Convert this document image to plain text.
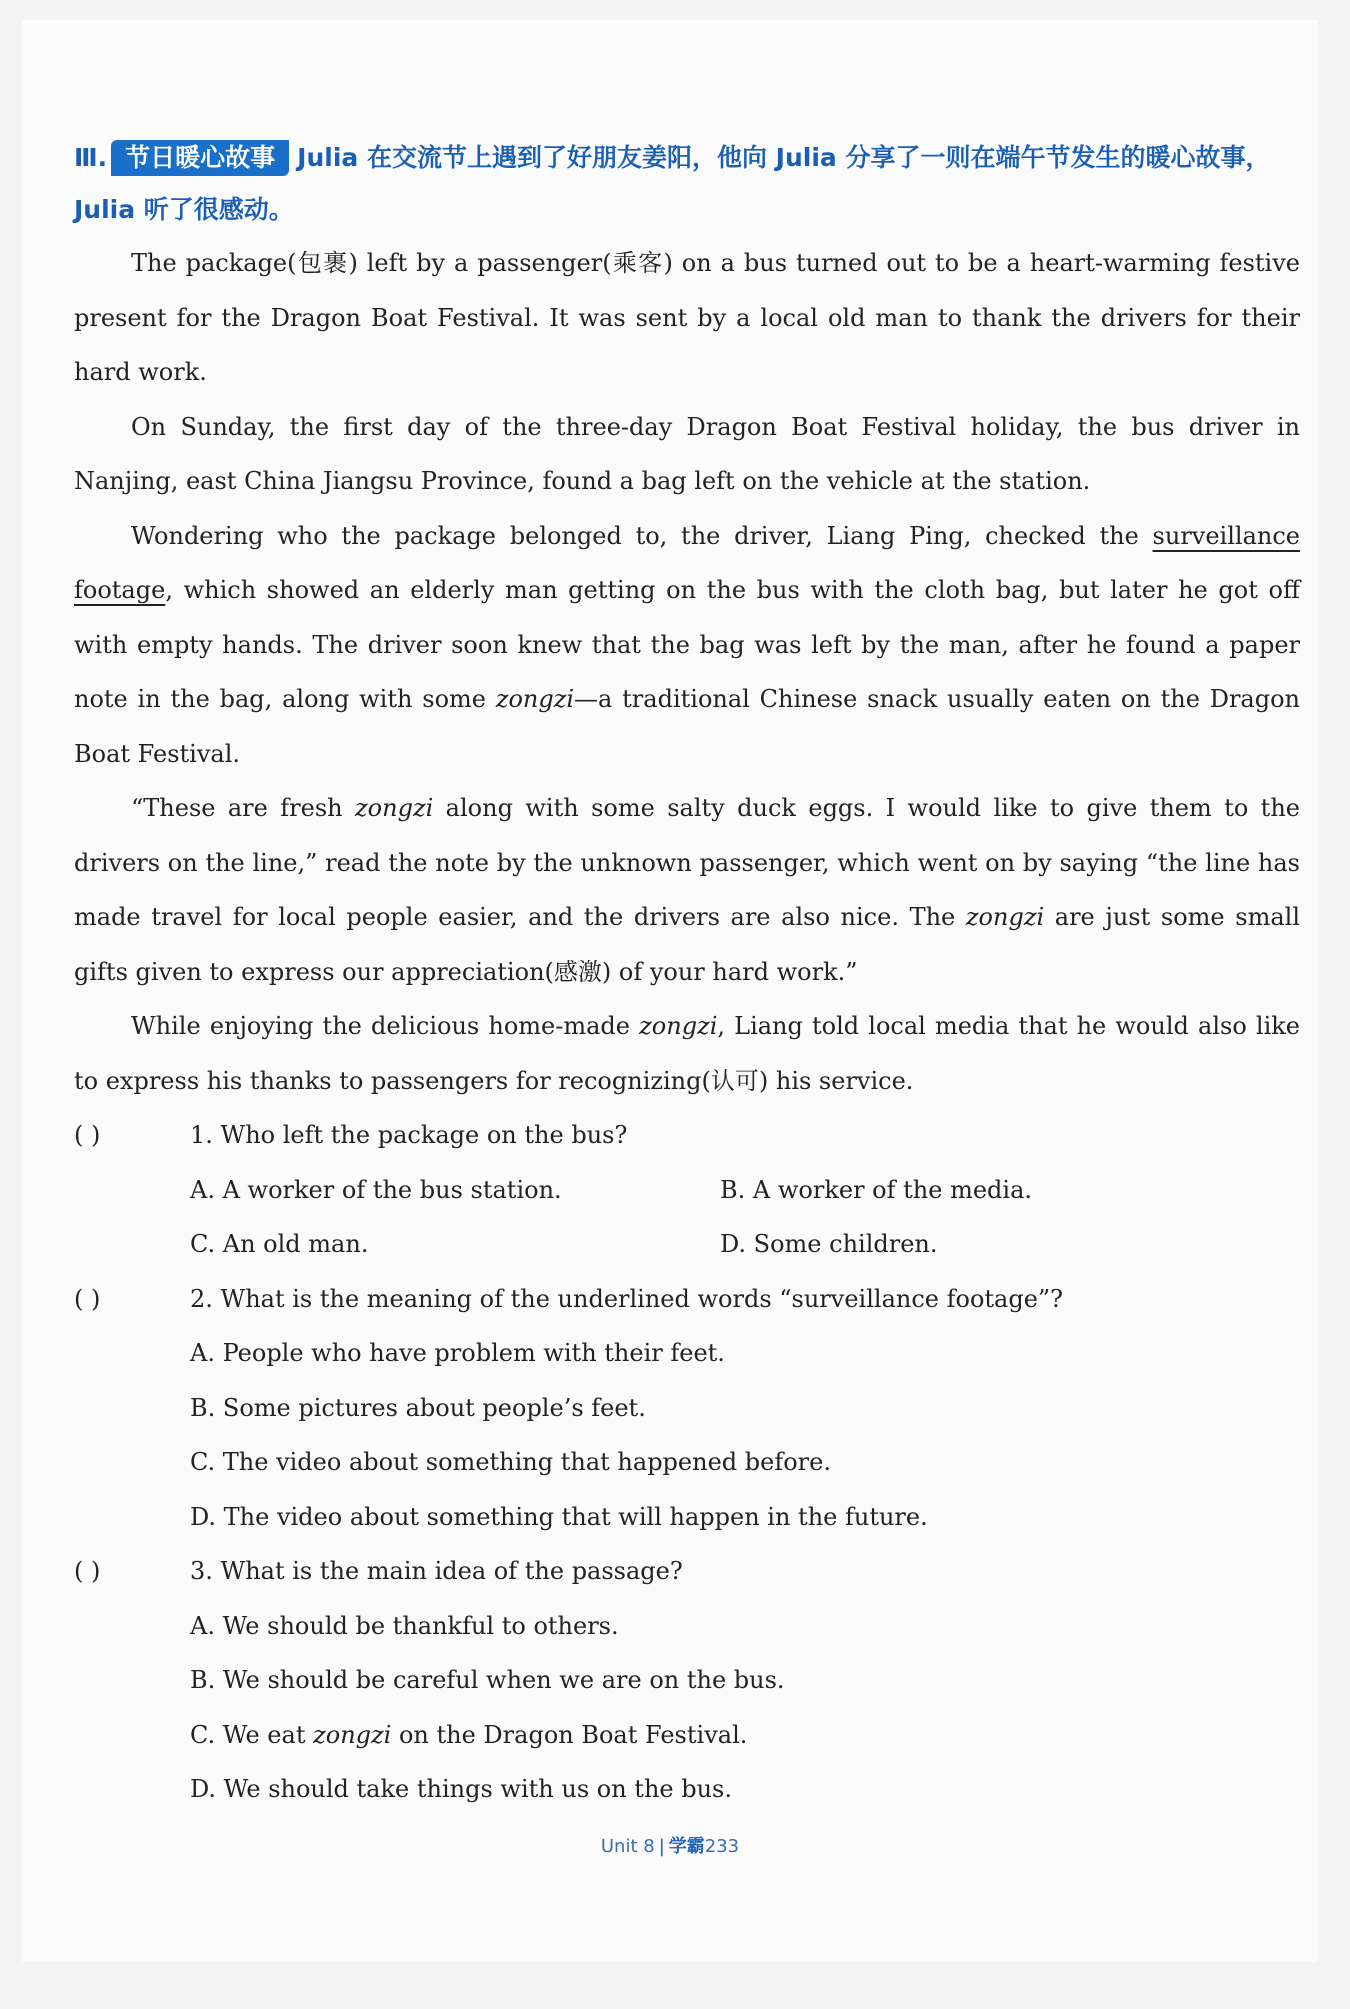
Ⅲ. 节日暖心故事 Julia 在交流节上遇到了好朋友姜阳，他向 Julia 分享了一则在端午节发生的暖心故事，Julia 听了很感动。

The package(包裹) left by a passenger(乘客) on a bus turned out to be a heart-warming festive present for the Dragon Boat Festival. It was sent by a local old man to thank the drivers for their hard work.

On Sunday, the first day of the three-day Dragon Boat Festival holiday, the bus driver in Nanjing, east China Jiangsu Province, found a bag left on the vehicle at the station.

Wondering who the package belonged to, the driver, Liang Ping, checked the surveillance footage, which showed an elderly man getting on the bus with the cloth bag, but later he got off with empty hands. The driver soon knew that the bag was left by the man, after he found a paper note in the bag, along with some zongzi—a traditional Chinese snack usually eaten on the Dragon Boat Festival.

“These are fresh zongzi along with some salty duck eggs. I would like to give them to the drivers on the line,” read the note by the unknown passenger, which went on by saying “the line has made travel for local people easier, and the drivers are also nice. The zongzi are just some small gifts given to express our appreciation(感激) of your hard work.”

While enjoying the delicious home-made zongzi, Liang told local media that he would also like to express his thanks to passengers for recognizing(认可) his service.

( )	1. Who left the package on the bus?

A. A worker of the bus station.	B. A worker of the media.
C. An old man.	D. Some children.

( )	2. What is the meaning of the underlined words “surveillance footage”?

A. People who have problem with their feet.

B. Some pictures about people’s feet.

C. The video about something that happened before.

D. The video about something that will happen in the future.

( )	3. What is the main idea of the passage?

A. We should be thankful to others.

B. We should be careful when we are on the bus.

C. We eat zongzi on the Dragon Boat Festival.

D. We should take things with us on the bus.

Unit 8 | 学霸233
